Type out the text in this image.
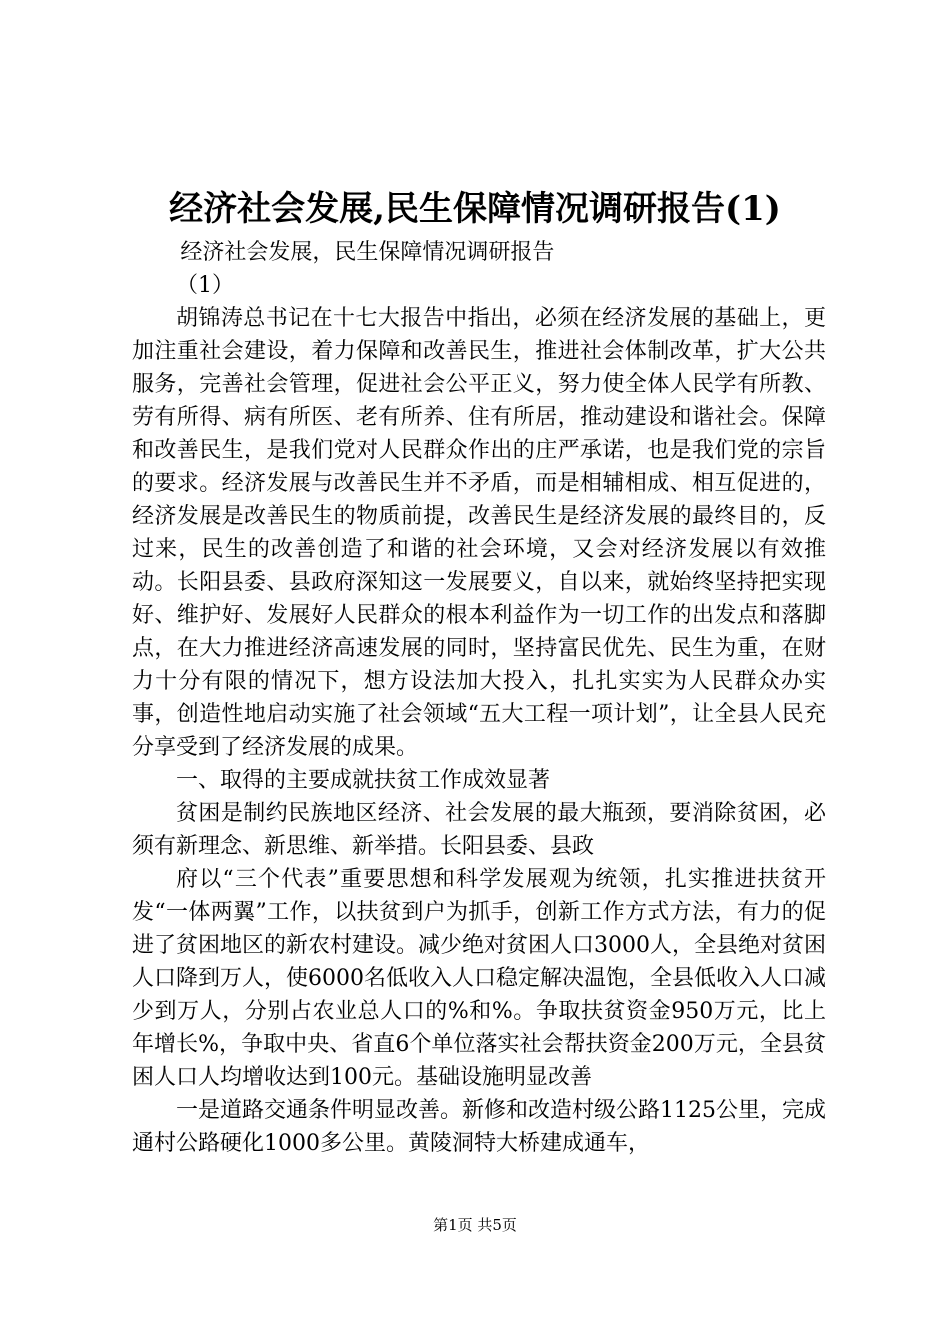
经济社会发展,民生保障情况调研报告(1)

经济社会发展，民生保障情况调研报告

（1）

胡锦涛总书记在十七大报告中指出，必须在经济发展的基础上，更加注重社会建设，着力保障和改善民生，推进社会体制改革，扩大公共服务，完善社会管理，促进社会公平正义，努力使全体人民学有所教、劳有所得、病有所医、老有所养、住有所居，推动建设和谐社会。保障和改善民生，是我们党对人民群众作出的庄严承诺，也是我们党的宗旨的要求。经济发展与改善民生并不矛盾，而是相辅相成、相互促进的，经济发展是改善民生的物质前提，改善民生是经济发展的最终目的，反过来，民生的改善创造了和谐的社会环境，又会对经济发展以有效推动。长阳县委、县政府深知这一发展要义，自以来，就始终坚持把实现好、维护好、发展好人民群众的根本利益作为一切工作的出发点和落脚点，在大力推进经济高速发展的同时，坚持富民优先、民生为重，在财力十分有限的情况下，想方设法加大投入，扎扎实实为人民群众办实事，创造性地启动实施了社会领域“五大工程一项计划”，让全县人民充分享受到了经济发展的成果。

一、取得的主要成就扶贫工作成效显著

贫困是制约民族地区经济、社会发展的最大瓶颈，要消除贫困，必须有新理念、新思维、新举措。长阳县委、县政

府以“三个代表”重要思想和科学发展观为统领，扎实推进扶贫开发“一体两翼”工作，以扶贫到户为抓手，创新工作方式方法，有力的促进了贫困地区的新农村建设。减少绝对贫困人口3000人，全县绝对贫困人口降到万人，使6000名低收入人口稳定解决温饱，全县低收入人口减少到万人，分别占农业总人口的%和%。争取扶贫资金950万元，比上年增长%，争取中央、省直6个单位落实社会帮扶资金200万元，全县贫困人口人均增收达到100元。基础设施明显改善

一是道路交通条件明显改善。新修和改造村级公路1125公里，完成通村公路硬化1000多公里。黄陵洞特大桥建成通车，

第1页 共5页
